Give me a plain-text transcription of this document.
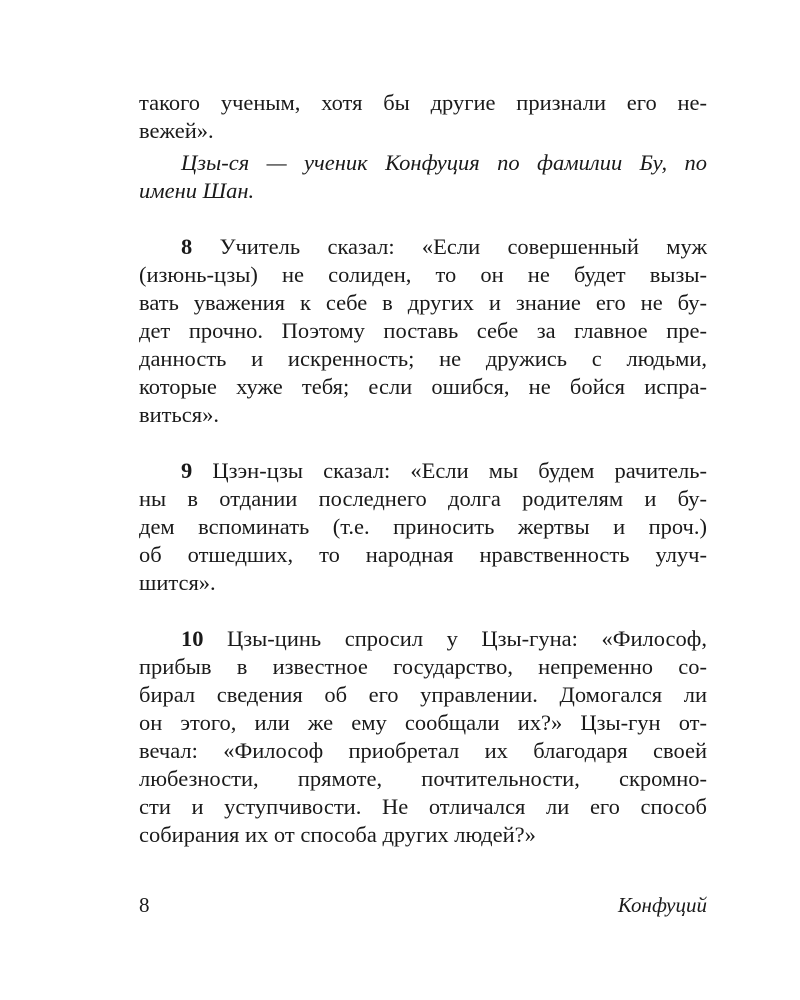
такого ученым, хотя бы другие признали его не-
вежей».
Цзы-ся — ученик Конфуция по фамилии Бу, по
имени Шан.
8 Учитель сказал: «Если совершенный муж
(изюнь-цзы) не солиден, то он не будет вызы-
вать уважения к себе в других и знание его не бу-
дет прочно. Поэтому поставь себе за главное пре-
данность и искренность; не дружись с людьми,
которые хуже тебя; если ошибся, не бойся испра-
виться».
9 Цзэн-цзы сказал: «Если мы будем рачитель-
ны в отдании последнего долга родителям и бу-
дем вспоминать (т.е. приносить жертвы и проч.)
об отшедших, то народная нравственность улуч-
шится».
10 Цзы-цинь спросил у Цзы-гуна: «Философ,
прибыв в известное государство, непременно со-
бирал сведения об его управлении. Домогался ли
он этого, или же ему сообщали их?» Цзы-гун от-
вечал: «Философ приобретал их благодаря своей
любезности, прямоте, почтительности, скромно-
сти и уступчивости. Не отличался ли его способ
собирания их от способа других людей?»
8	Конфуций
